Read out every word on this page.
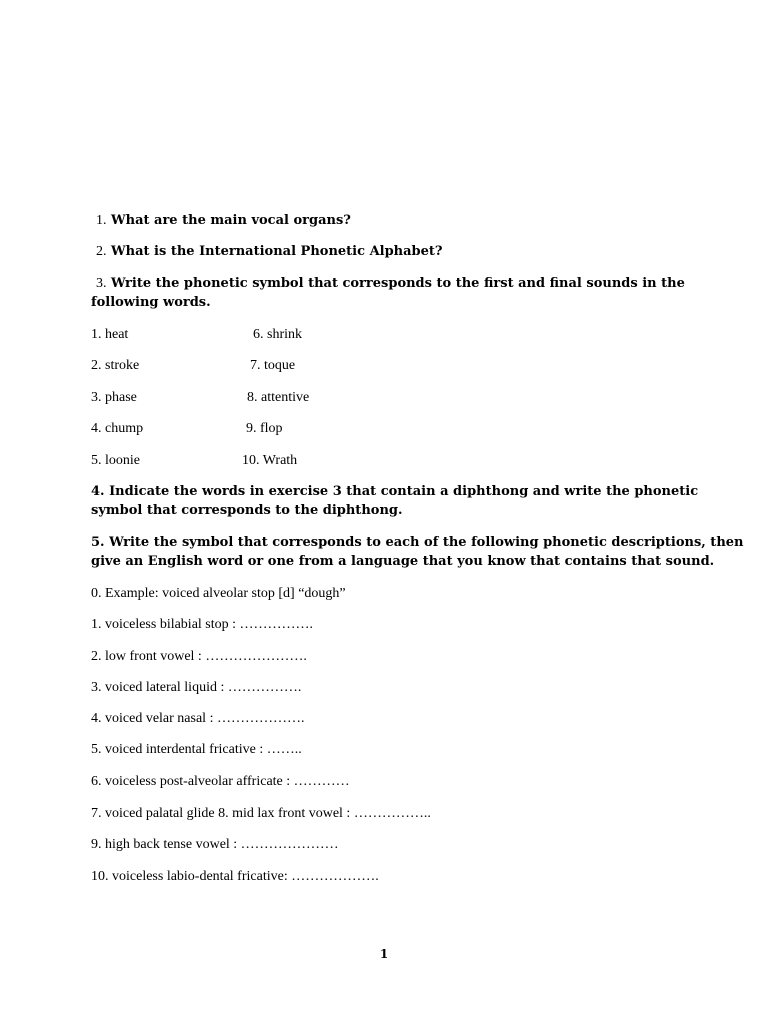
1. What are the main vocal organs?
2. What is the International Phonetic Alphabet?
3. Write the phonetic symbol that corresponds to the first and final sounds in the
following words.
1. heat	6. shrink
2. stroke	7. toque
3. phase	8. attentive
4. chump	9. flop
5. loonie	10. Wrath
4. Indicate the words in exercise 3 that contain a diphthong and write the phonetic
symbol that corresponds to the diphthong.
5. Write the symbol that corresponds to each of the following phonetic descriptions, then
give an English word or one from a language that you know that contains that sound.
0. Example: voiced alveolar stop [d] “dough”
1. voiceless bilabial stop : …………….
2. low front vowel : ………………….
3. voiced lateral liquid : …………….
4. voiced velar nasal : ……………….
5. voiced interdental fricative : ……..
6. voiceless post-alveolar affricate : …………
7. voiced palatal glide 8. mid lax front vowel : ……………..
9. high back tense vowel : …………………
10. voiceless labio-dental fricative: ……………….
1
